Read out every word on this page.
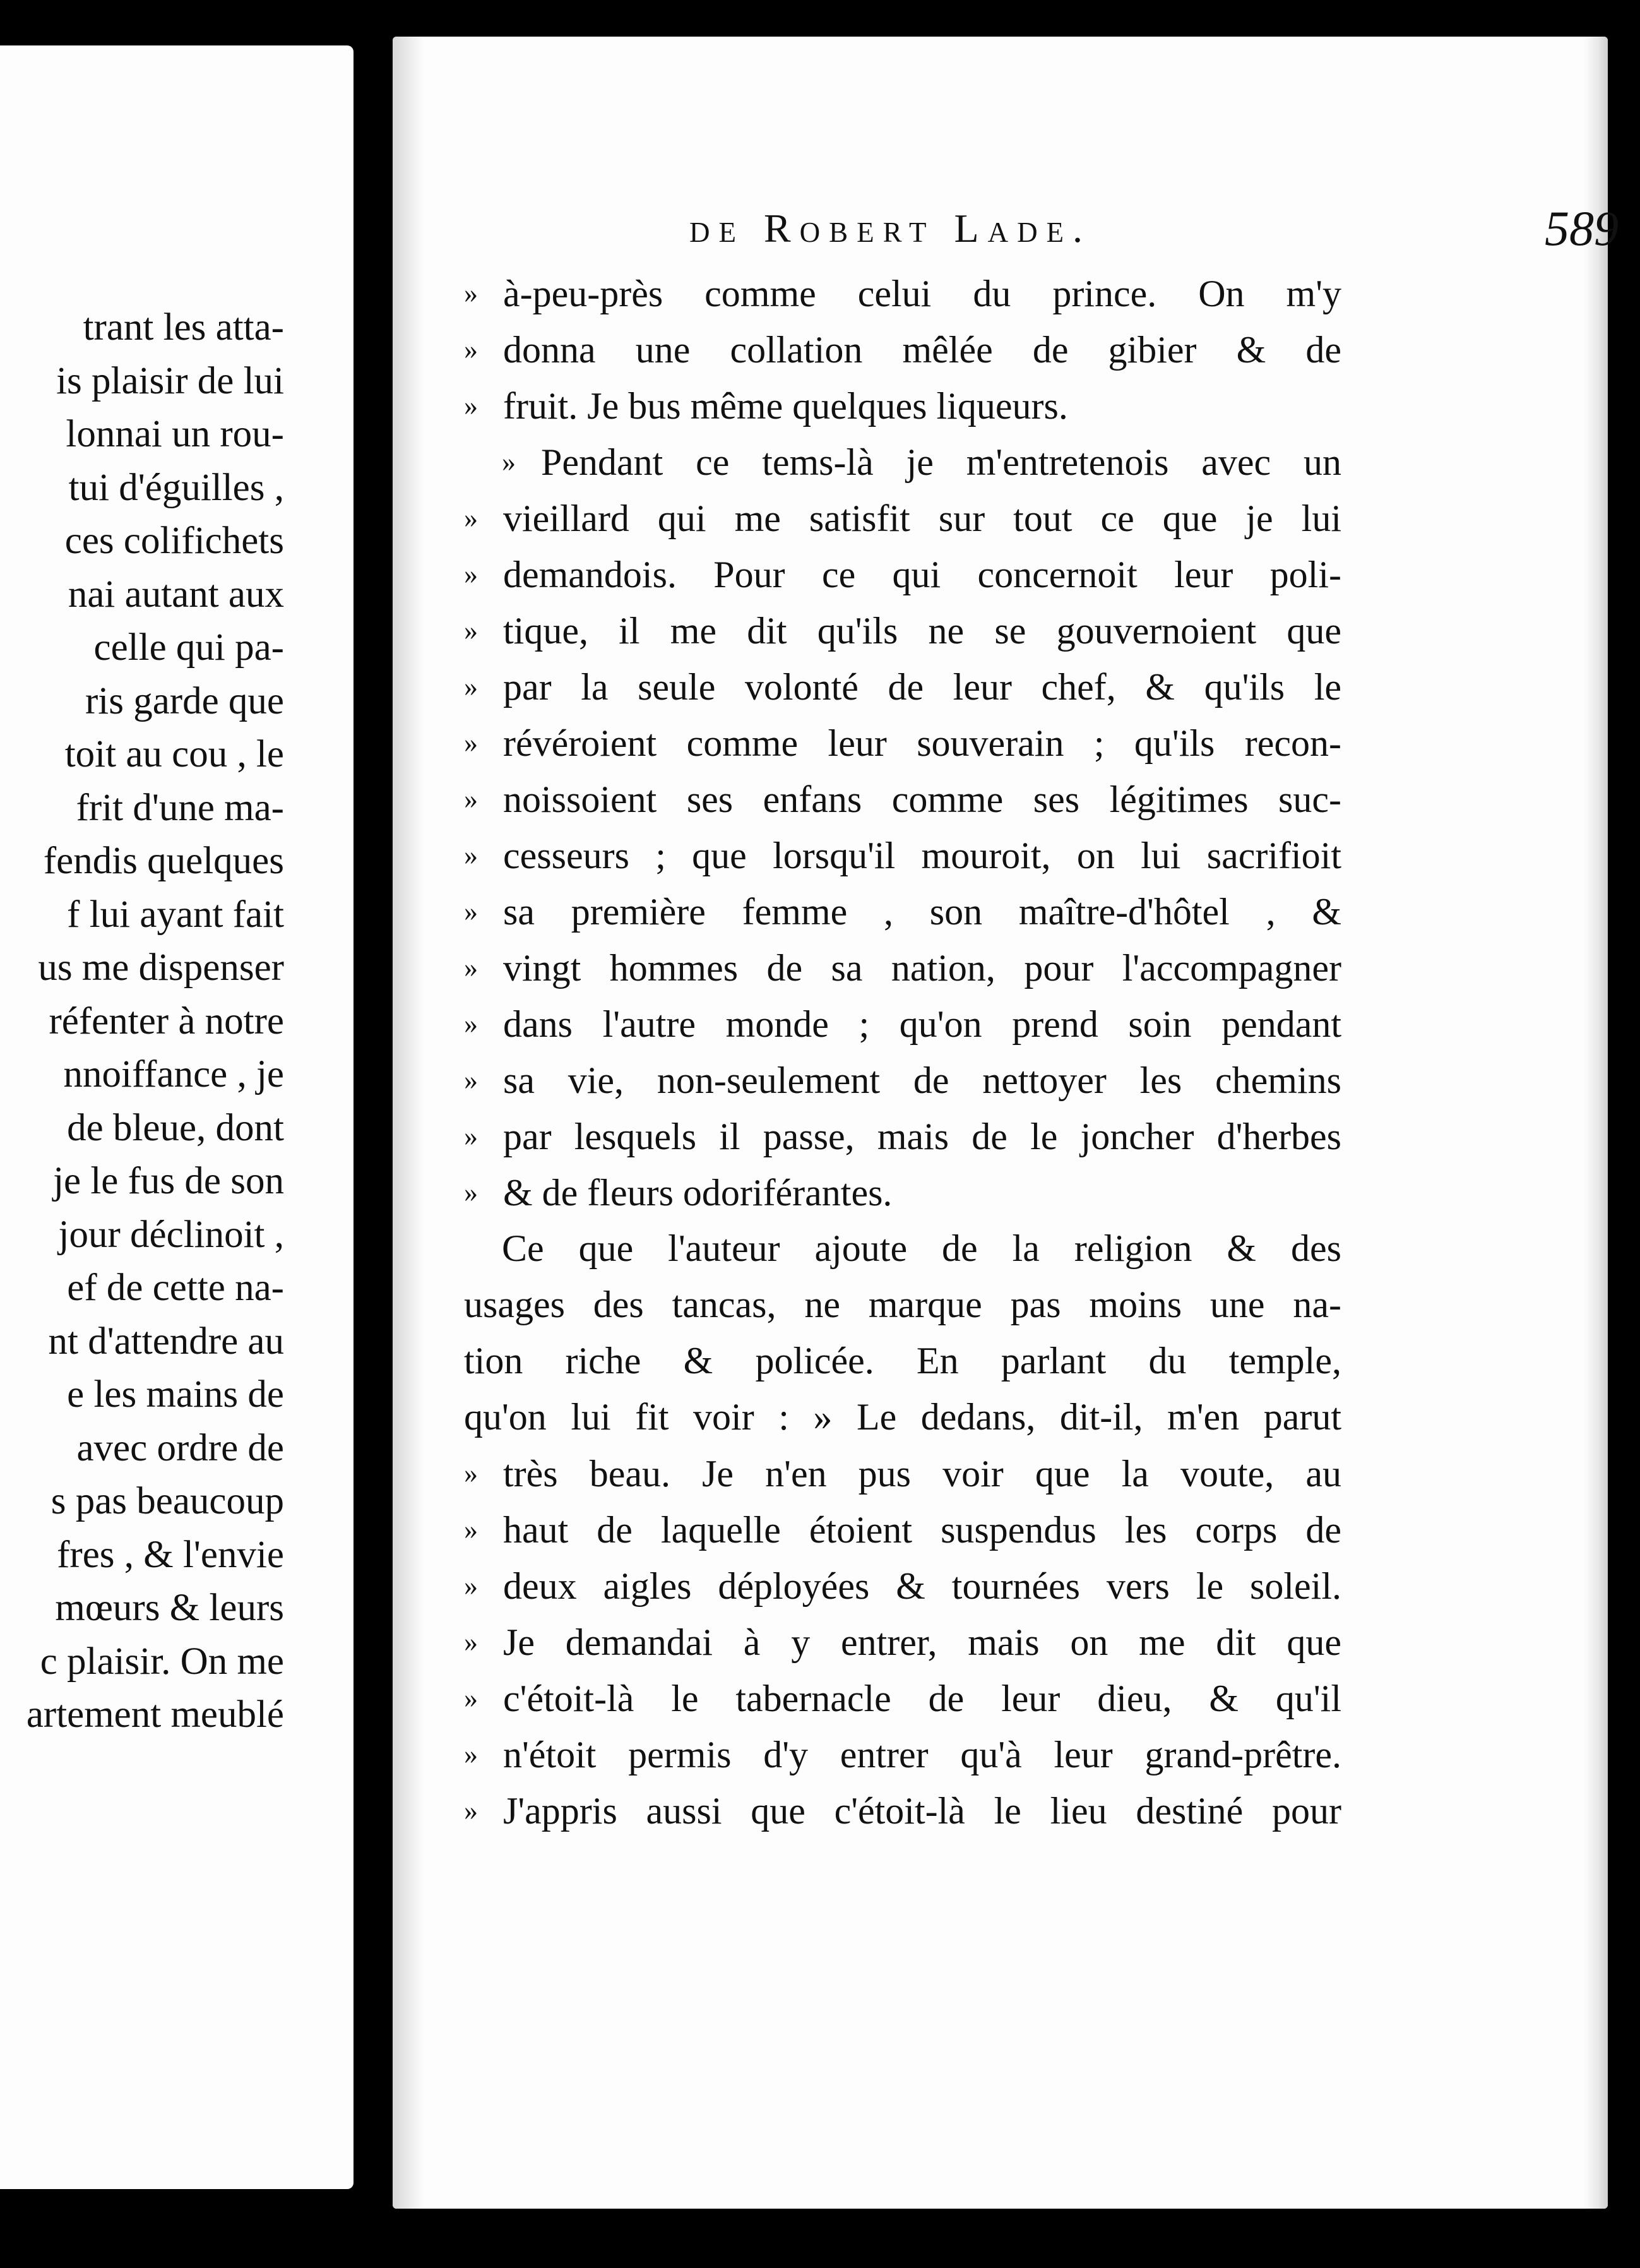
trant les atta-
is plaisir de lui
lonnai un rou-
tui d'éguilles ,
ces colifichets
nai autant aux
celle qui pa-
ris garde que
toit au cou , le
frit d'une ma-
fendis quelques
f lui ayant fait
us me dispenser
réfenter à notre
nnoiffance , je
de bleue, dont
je le fus de son
jour déclinoit ,
ef de cette na-
nt d'attendre au
e les mains de
avec ordre de
s pas beaucoup
fres , & l'envie
mœurs & leurs
c plaisir. On me
artement meublé
de Robert Lade.	589
» à-peu-près comme celui du prince. On m'y
» donna une collation mêlée de gibier & de
» fruit. Je bus même quelques liqueurs.
» Pendant ce tems-là je m'entretenois avec un
» vieillard qui me satisfit sur tout ce que je lui
» demandois. Pour ce qui concernoit leur poli-
» tique, il me dit qu'ils ne se gouvernoient que
» par la seule volonté de leur chef, & qu'ils le
» révéroient comme leur souverain ; qu'ils recon-
» noissoient ses enfans comme ses légitimes suc-
» cesseurs ; que lorsqu'il mouroit, on lui sacrifioit
» sa première femme , son maître-d'hôtel , &
» vingt hommes de sa nation, pour l'accompagner
» dans l'autre monde ; qu'on prend soin pendant
» sa vie, non-seulement de nettoyer les chemins
» par lesquels il passe, mais de le joncher d'herbes
» & de fleurs odoriférantes.
Ce que l'auteur ajoute de la religion & des
usages des tancas, ne marque pas moins une na-
tion riche & policée. En parlant du temple,
qu'on lui fit voir : » Le dedans, dit-il, m'en parut
» très beau. Je n'en pus voir que la voute, au
» haut de laquelle étoient suspendus les corps de
» deux aigles déployées & tournées vers le soleil.
» Je demandai à y entrer, mais on me dit que
» c'étoit-là le tabernacle de leur dieu, & qu'il
» n'étoit permis d'y entrer qu'à leur grand-prêtre.
» J'appris aussi que c'étoit-là le lieu destiné pour
